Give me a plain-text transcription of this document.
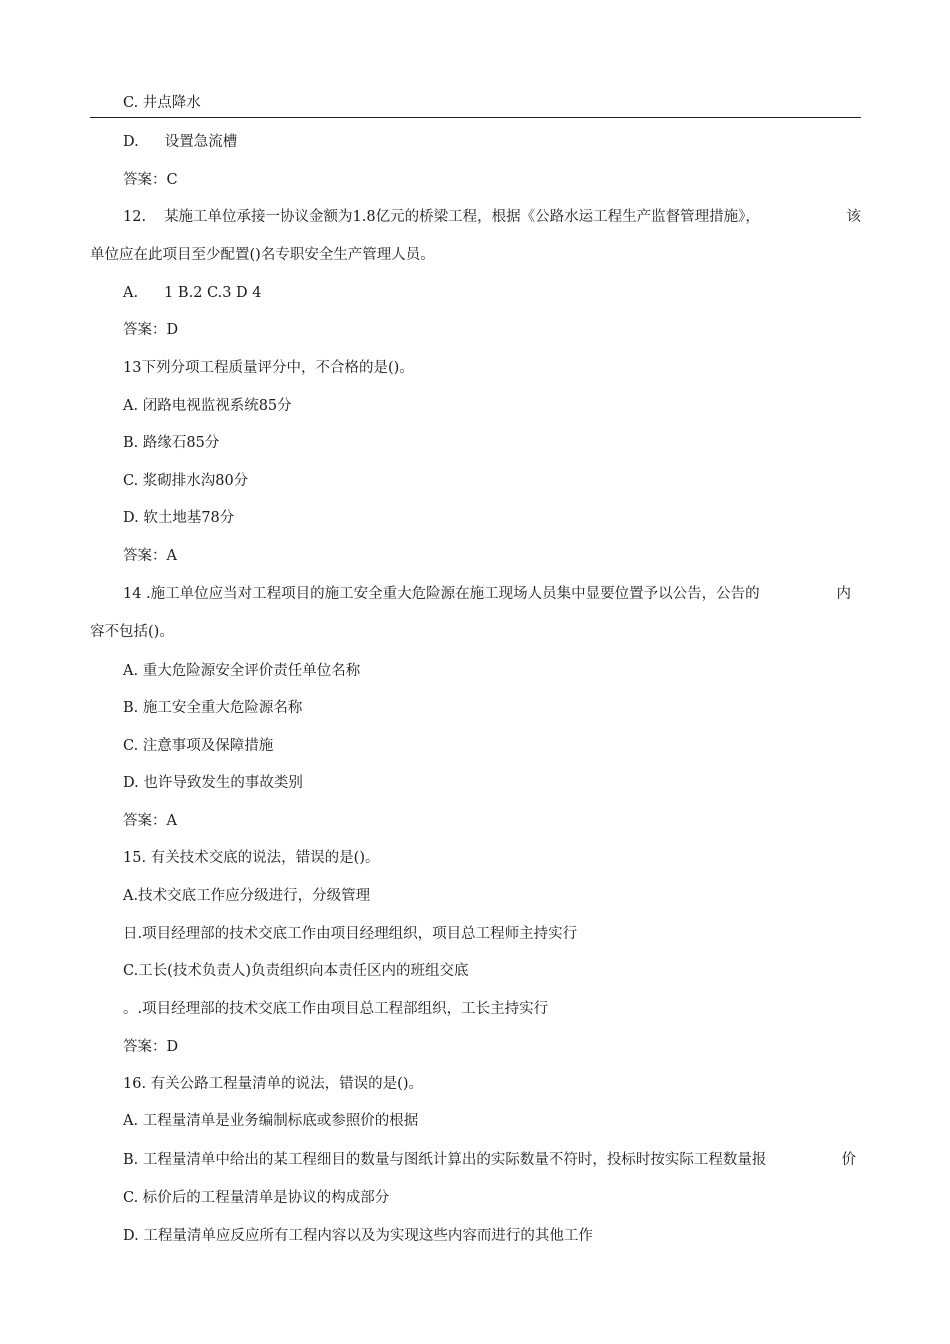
C. 井点降水
D. 设置急流槽
答案：C
12. 某施工单位承接一协议金额为1.8亿元的桥梁工程，根据《公路水运工程生产监督管理措施》，	该
单位应在此项目至少配置()名专职安全生产管理人员。
A. 1 B.2 C.3 D 4
答案：D
13下列分项工程质量评分中，不合格的是()。
A. 闭路电视监视系统85分
B. 路缘石85分
C. 浆砌排水沟80分
D. 软土地基78分
答案：A
14 .施工单位应当对工程项目的施工安全重大危险源在施工现场人员集中显要位置予以公告，公告的	内
容不包括()。
A. 重大危险源安全评价责任单位名称
B. 施工安全重大危险源名称
C. 注意事项及保障措施
D. 也许导致发生的事故类别
答案：A
15. 有关技术交底的说法，错误的是()。
A.技术交底工作应分级进行，分级管理
日.项目经理部的技术交底工作由项目经理组织，项目总工程师主持实行
C.工长(技术负责人)负责组织向本责任区内的班组交底
。.项目经理部的技术交底工作由项目总工程部组织，工长主持实行
答案：D
16. 有关公路工程量清单的说法，错误的是()。
A. 工程量清单是业务编制标底或参照价的根据
B. 工程量清单中给出的某工程细目的数量与图纸计算出的实际数量不符时，投标时按实际工程数量报	价
C. 标价后的工程量清单是协议的构成部分
D. 工程量清单应反应所有工程内容以及为实现这些内容而进行的其他工作
